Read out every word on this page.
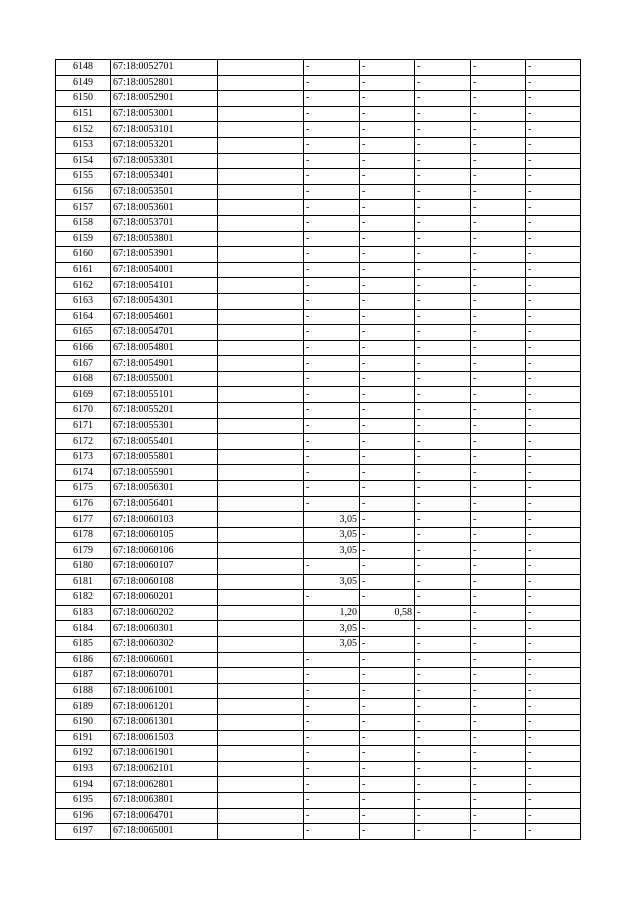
6148	67:18:0052701		-	-	-	-	-
6149	67:18:0052801		-	-	-	-	-
6150	67:18:0052901		-	-	-	-	-
6151	67:18:0053001		-	-	-	-	-
6152	67:18:0053101		-	-	-	-	-
6153	67:18:0053201		-	-	-	-	-
6154	67:18:0053301		-	-	-	-	-
6155	67:18:0053401		-	-	-	-	-
6156	67:18:0053501		-	-	-	-	-
6157	67:18:0053601		-	-	-	-	-
6158	67:18:0053701		-	-	-	-	-
6159	67:18:0053801		-	-	-	-	-
6160	67:18:0053901		-	-	-	-	-
6161	67:18:0054001		-	-	-	-	-
6162	67:18:0054101		-	-	-	-	-
6163	67:18:0054301		-	-	-	-	-
6164	67:18:0054601		-	-	-	-	-
6165	67:18:0054701		-	-	-	-	-
6166	67:18:0054801		-	-	-	-	-
6167	67:18:0054901		-	-	-	-	-
6168	67:18:0055001		-	-	-	-	-
6169	67:18:0055101		-	-	-	-	-
6170	67:18:0055201		-	-	-	-	-
6171	67:18:0055301		-	-	-	-	-
6172	67:18:0055401		-	-	-	-	-
6173	67:18:0055801		-	-	-	-	-
6174	67:18:0055901		-	-	-	-	-
6175	67:18:0056301		-	-	-	-	-
6176	67:18:0056401		-	-	-	-	-
6177	67:18:0060103		3,05	-	-	-	-
6178	67:18:0060105		3,05	-	-	-	-
6179	67:18:0060106		3,05	-	-	-	-
6180	67:18:0060107		-	-	-	-	-
6181	67:18:0060108		3,05	-	-	-	-
6182	67:18:0060201		-	-	-	-	-
6183	67:18:0060202		1,20	0,58	-	-	-
6184	67:18:0060301		3,05	-	-	-	-
6185	67:18:0060302		3,05	-	-	-	-
6186	67:18:0060601		-	-	-	-	-
6187	67:18:0060701		-	-	-	-	-
6188	67:18:0061001		-	-	-	-	-
6189	67:18:0061201		-	-	-	-	-
6190	67:18:0061301		-	-	-	-	-
6191	67:18:0061503		-	-	-	-	-
6192	67:18:0061901		-	-	-	-	-
6193	67:18:0062101		-	-	-	-	-
6194	67:18:0062801		-	-	-	-	-
6195	67:18:0063801		-	-	-	-	-
6196	67:18:0064701		-	-	-	-	-
6197	67:18:0065001		-	-	-	-	-
